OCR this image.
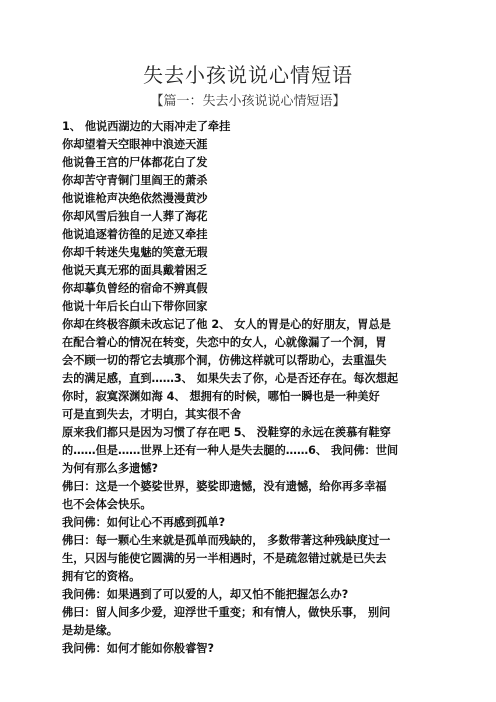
失去小孩说说心情短语
【篇一：失去小孩说说心情短语】
1、 他说西湖边的大雨冲走了牵挂
你却望着天空眼神中浪迹天涯
他说鲁王宫的尸体都花白了发
你却苦守青铜门里阎王的萧杀
他说谁枪声决绝依然漫漫黄沙
你却风雪后独自一人葬了海花
他说追逐着彷徨的足迹又牵挂
你却千转迷失鬼魅的笑意无瑕
他说天真无邪的面具戴着困乏
你却摹负曾经的宿命不辨真假
他说十年后长白山下带你回家
你却在终极容颜未改忘记了他 2、 女人的胃是心的好朋友，胃总是
在配合着心的情况在转变，失恋中的女人，心就像漏了一个洞，胃
会不顾一切的帮它去填那个洞，仿佛这样就可以帮助心，去重温失
去的满足感，直到……3、 如果失去了你，心是否还存在。每次想起
你时，寂寞深渊如海 4、 想拥有的时候，哪怕一瞬也是一种美好
可是直到失去，才明白，其实很不舍
原来我们都只是因为习惯了存在吧 5、 没鞋穿的永远在羡慕有鞋穿
的……但是……世界上还有一种人是失去腿的……6、 我问佛：世间
为何有那么多遗憾?
佛曰：这是一个婆娑世界，婆娑即遗憾，没有遗憾，给你再多幸福
也不会体会快乐。
我问佛：如何让心不再感到孤单?
佛曰：每一颗心生来就是孤单而残缺的， 多数带著这种残缺度过一
生，只因与能使它圆满的另一半相遇时，不是疏忽错过就是已失去
拥有它的资格。
我问佛：如果遇到了可以爱的人，却又怕不能把握怎么办?
佛曰：留人间多少爱，迎浮世千重变；和有情人，做快乐事， 别问
是劫是缘。
我问佛：如何才能如你般睿智?
